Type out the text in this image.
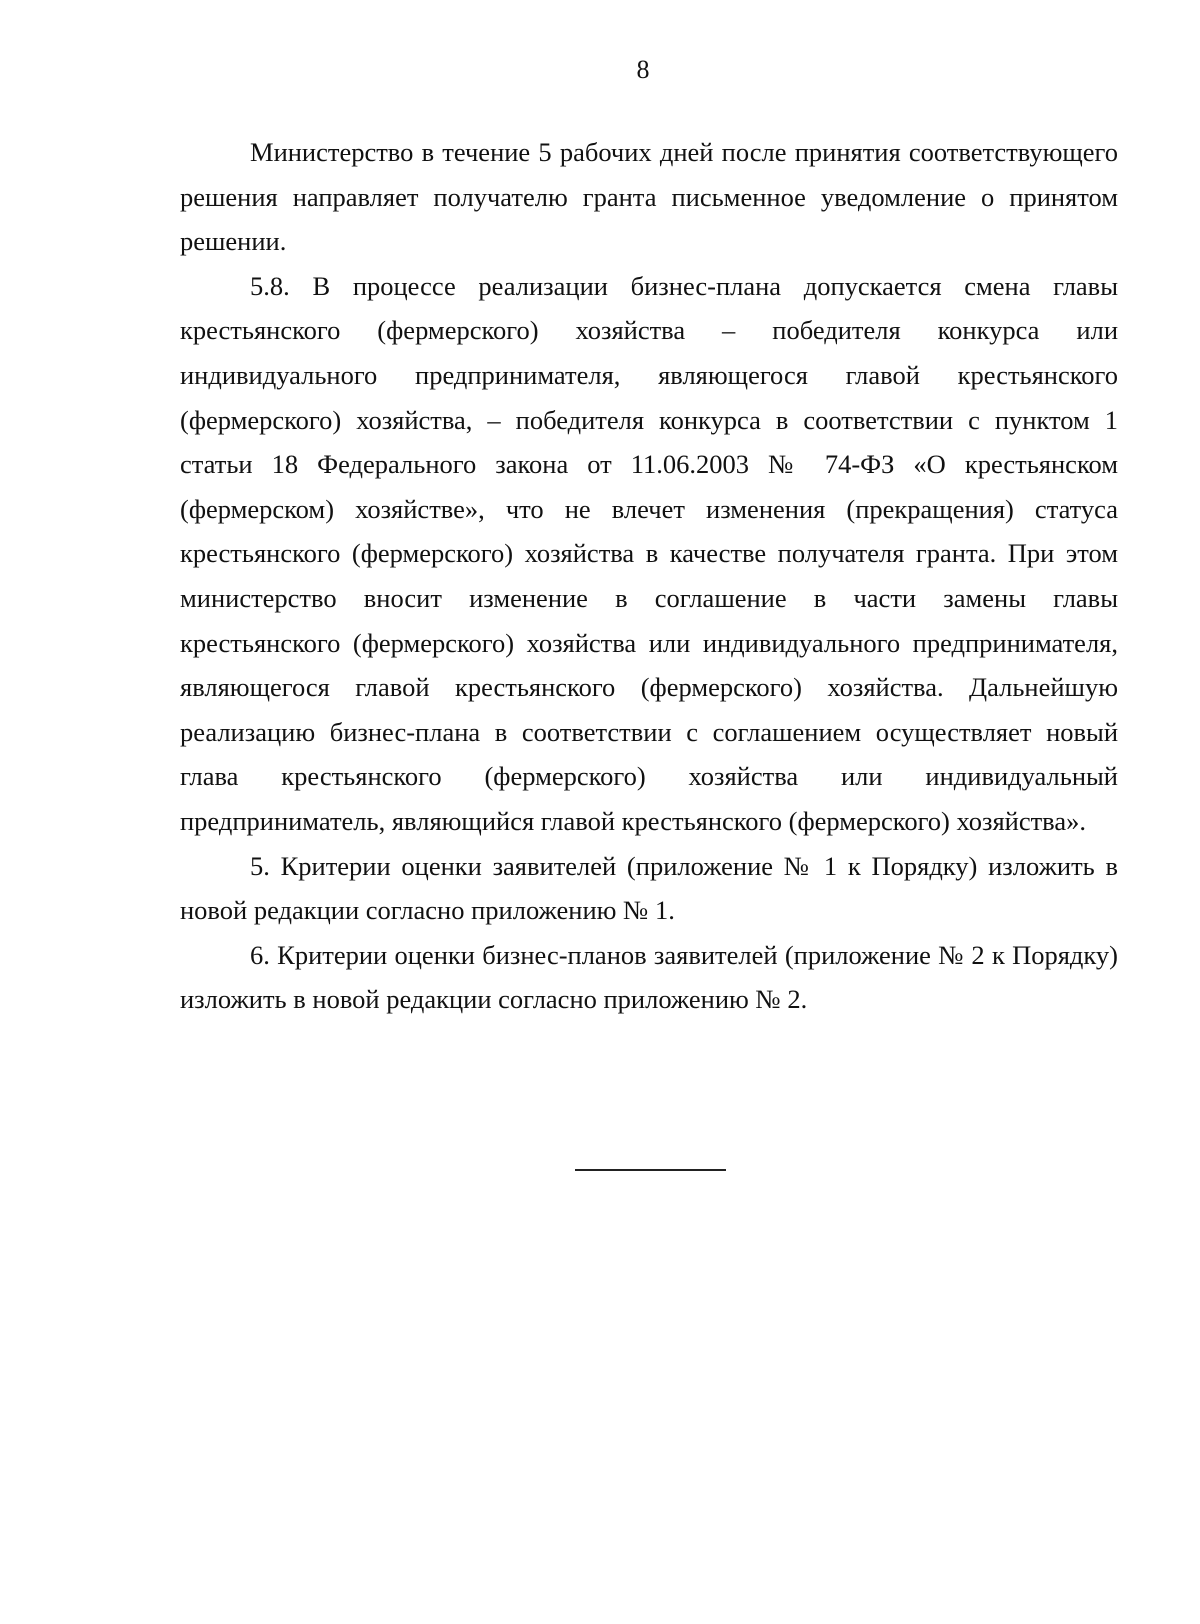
8

Министерство в течение 5 рабочих дней после принятия соответствующего решения направляет получателю гранта письменное уведомление о принятом решении.

5.8. В процессе реализации бизнес-плана допускается смена главы крестьянского (фермерского) хозяйства – победителя конкурса или индивидуального предпринимателя, являющегося главой крестьянского (фермерского) хозяйства, – победителя конкурса в соответствии с пунктом 1 статьи 18 Федерального закона от 11.06.2003 № 74-ФЗ «О крестьянском (фермерском) хозяйстве», что не влечет изменения (прекращения) статуса крестьянского (фермерского) хозяйства в качестве получателя гранта. При этом министерство вносит изменение в соглашение в части замены главы крестьянского (фермерского) хозяйства или индивидуального предпринимателя, являющегося главой крестьянского (фермерского) хозяйства. Дальнейшую реализацию бизнес-плана в соответствии с соглашением осуществляет новый глава крестьянского (фермерского) хозяйства или индивидуальный предприниматель, являющийся главой крестьянского (фермерского) хозяйства».

5. Критерии оценки заявителей (приложение № 1 к Порядку) изложить в новой редакции согласно приложению № 1.

6. Критерии оценки бизнес-планов заявителей (приложение № 2 к Порядку) изложить в новой редакции согласно приложению № 2.
